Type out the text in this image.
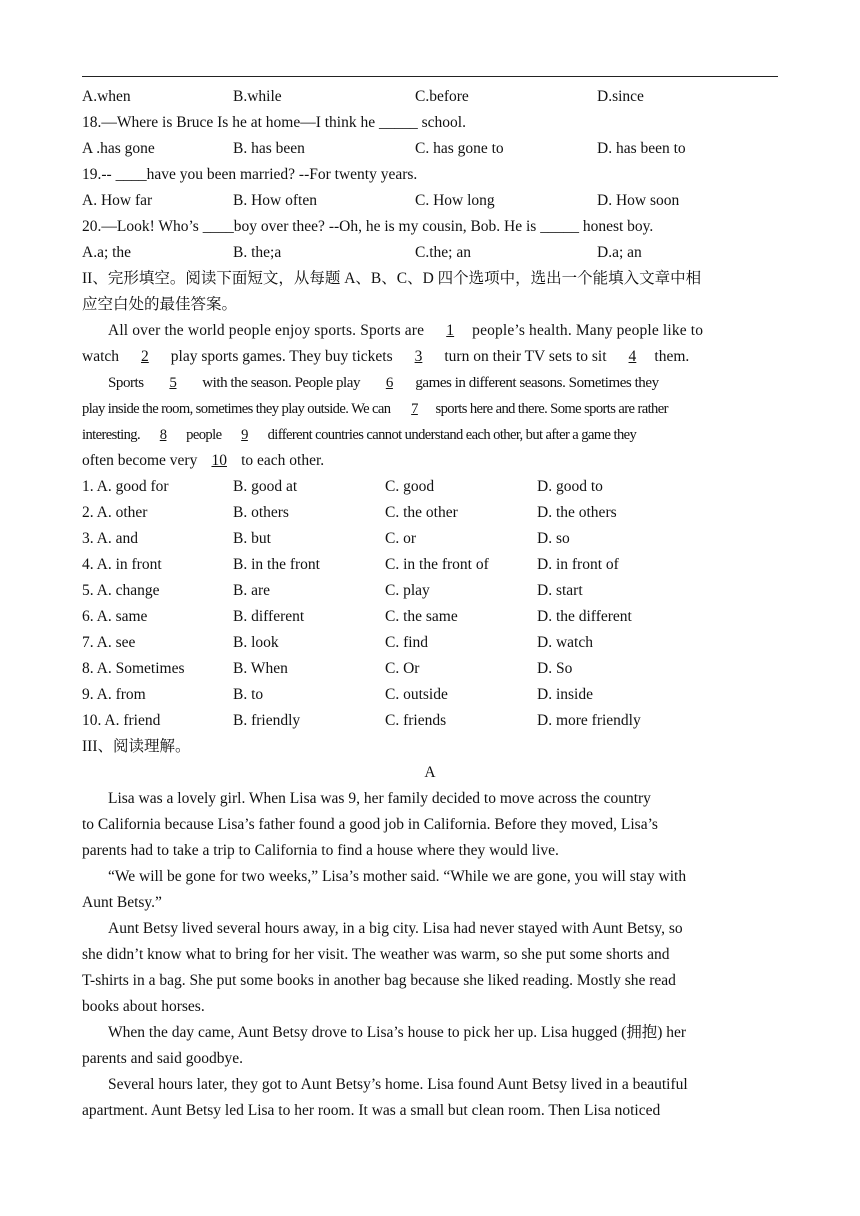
A.when	B.while	C.before	D.since
18.—Where is Bruce Is he at home—I think he _____ school.
A .has gone	B. has been	C. has gone to	D. has been to
19.-- ____have you been married? --For twenty years.
A. How far	B. How often	C. How long	D. How soon
20.—Look! Who’s ____boy over thee? --Oh, he is my cousin, Bob. He is _____ honest boy.
A.a; the	B. the;a	C.the; an	D.a; an
II、完形填空。阅读下面短文，从每题 A、B、C、D 四个选项中，选出一个能填入文章中相
应空白处的最佳答案。
All over the world people enjoy sports. Sports are 1 people’s health. Many people like to
watch 2 play sports games. They buy tickets 3 turn on their TV sets to sit 4 them.
Sports 5 with the season. People play 6 games in different seasons. Sometimes they
play inside the room, sometimes they play outside. We can 7 sports here and there. Some sports are rather
interesting. 8 people 9 different countries cannot understand each other, but after a game they
often become very 10 to each other.
1. A. good for	B. good at	C. good	D. good to
2. A. other	B. others	C. the other	D. the others
3. A. and	B. but	C. or	D. so
4. A. in front	B. in the front	C. in the front of	D. in front of
5. A. change	B. are	C. play	D. start
6. A. same	B. different	C. the same	D. the different
7. A. see	B. look	C. find	D. watch
8. A. Sometimes	B. When	C. Or	D. So
9. A. from	B. to	C. outside	D. inside
10. A. friend	B. friendly	C. friends	D. more friendly
III、阅读理解。
A
Lisa was a lovely girl. When Lisa was 9, her family decided to move across the country
to California because Lisa’s father found a good job in California. Before they moved, Lisa’s
parents had to take a trip to California to find a house where they would live.
“We will be gone for two weeks,” Lisa’s mother said. “While we are gone, you will stay with
Aunt Betsy.”
Aunt Betsy lived several hours away, in a big city. Lisa had never stayed with Aunt Betsy, so
she didn’t know what to bring for her visit. The weather was warm, so she put some shorts and
T-shirts in a bag. She put some books in another bag because she liked reading. Mostly she read
books about horses.
When the day came, Aunt Betsy drove to Lisa’s house to pick her up. Lisa hugged (拥抱) her
parents and said goodbye.
Several hours later, they got to Aunt Betsy’s home. Lisa found Aunt Betsy lived in a beautiful
apartment. Aunt Betsy led Lisa to her room. It was a small but clean room. Then Lisa noticed
